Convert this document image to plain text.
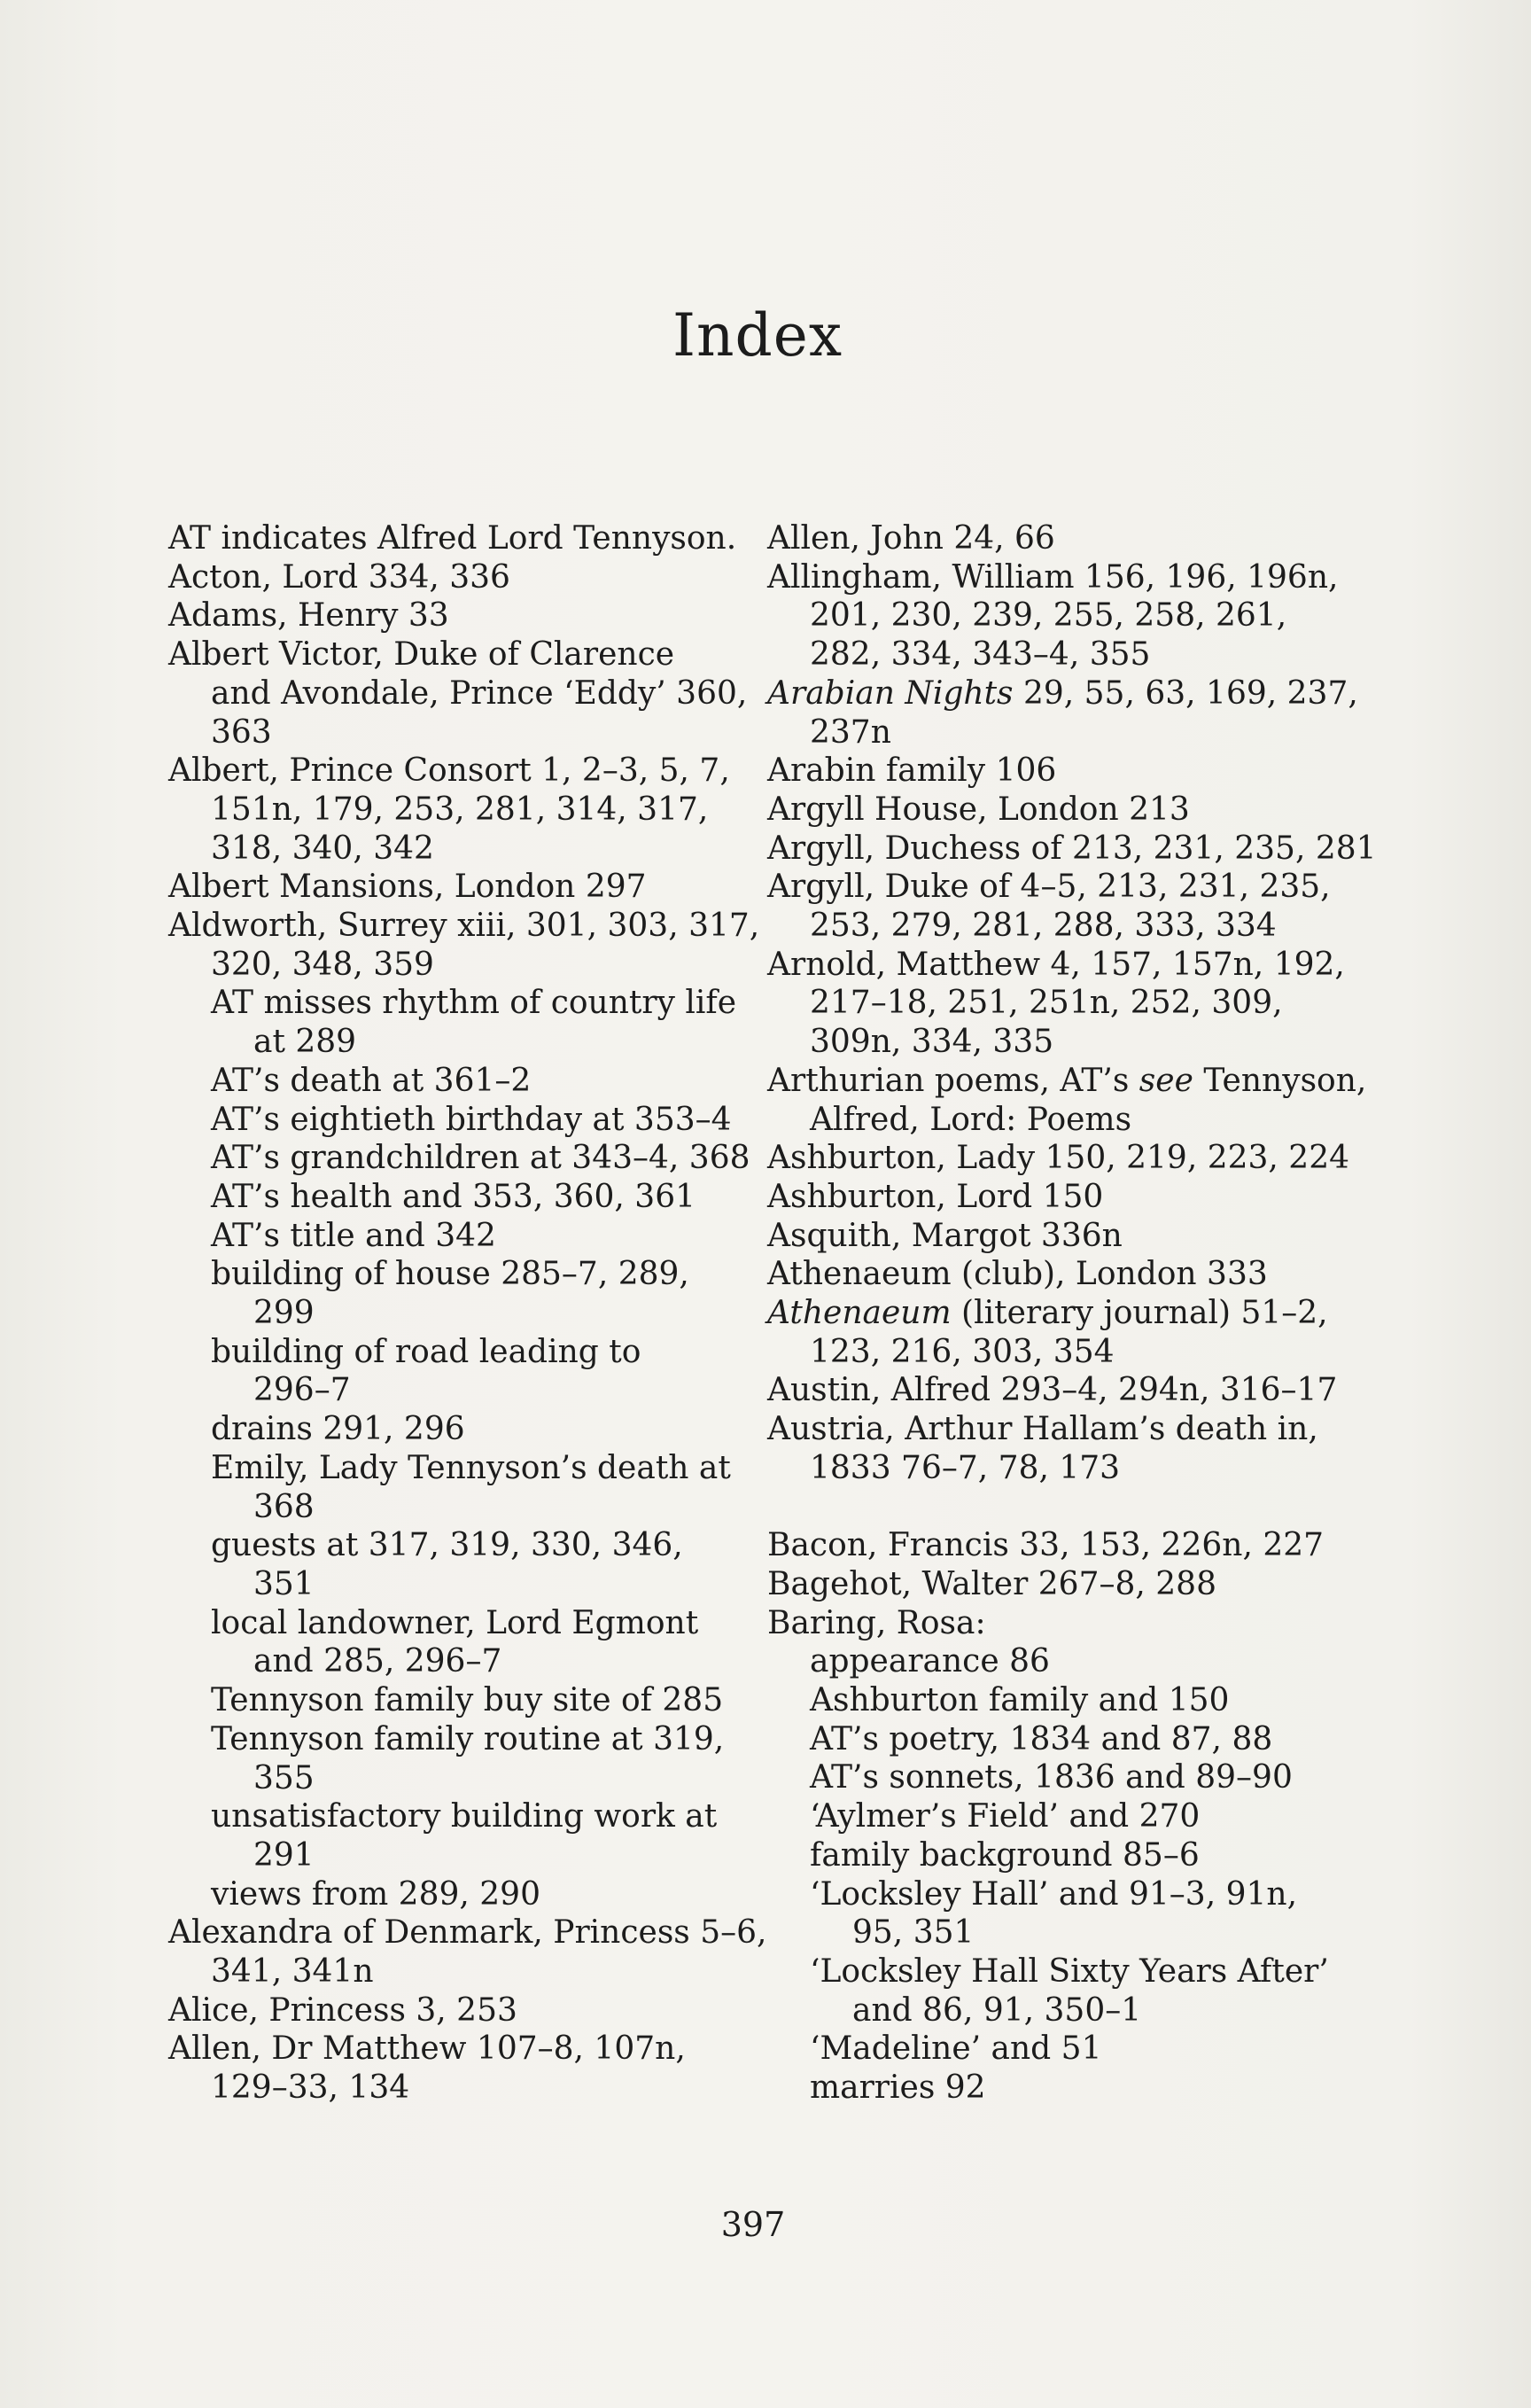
Index
AT indicates Alfred Lord Tennyson.
Acton, Lord 334, 336
Adams, Henry 33
Albert Victor, Duke of Clarence
and Avondale, Prince ‘Eddy’ 360,
363
Albert, Prince Consort 1, 2–3, 5, 7,
151n, 179, 253, 281, 314, 317,
318, 340, 342
Albert Mansions, London 297
Aldworth, Surrey xiii, 301, 303, 317,
320, 348, 359
AT misses rhythm of country life
at 289
AT’s death at 361–2
AT’s eightieth birthday at 353–4
AT’s grandchildren at 343–4, 368
AT’s health and 353, 360, 361
AT’s title and 342
building of house 285–7, 289,
299
building of road leading to
296–7
drains 291, 296
Emily, Lady Tennyson’s death at
368
guests at 317, 319, 330, 346,
351
local landowner, Lord Egmont
and 285, 296–7
Tennyson family buy site of 285
Tennyson family routine at 319,
355
unsatisfactory building work at
291
views from 289, 290
Alexandra of Denmark, Princess 5–6,
341, 341n
Alice, Princess 3, 253
Allen, Dr Matthew 107–8, 107n,
129–33, 134
Allen, John 24, 66
Allingham, William 156, 196, 196n,
201, 230, 239, 255, 258, 261,
282, 334, 343–4, 355
Arabian Nights 29, 55, 63, 169, 237,
237n
Arabin family 106
Argyll House, London 213
Argyll, Duchess of 213, 231, 235, 281
Argyll, Duke of 4–5, 213, 231, 235,
253, 279, 281, 288, 333, 334
Arnold, Matthew 4, 157, 157n, 192,
217–18, 251, 251n, 252, 309,
309n, 334, 335
Arthurian poems, AT’s see Tennyson,
Alfred, Lord: Poems
Ashburton, Lady 150, 219, 223, 224
Ashburton, Lord 150
Asquith, Margot 336n
Athenaeum (club), London 333
Athenaeum (literary journal) 51–2,
123, 216, 303, 354
Austin, Alfred 293–4, 294n, 316–17
Austria, Arthur Hallam’s death in,
1833 76–7, 78, 173
Bacon, Francis 33, 153, 226n, 227
Bagehot, Walter 267–8, 288
Baring, Rosa:
appearance 86
Ashburton family and 150
AT’s poetry, 1834 and 87, 88
AT’s sonnets, 1836 and 89–90
‘Aylmer’s Field’ and 270
family background 85–6
‘Locksley Hall’ and 91–3, 91n,
95, 351
‘Locksley Hall Sixty Years After’
and 86, 91, 350–1
‘Madeline’ and 51
marries 92
397
